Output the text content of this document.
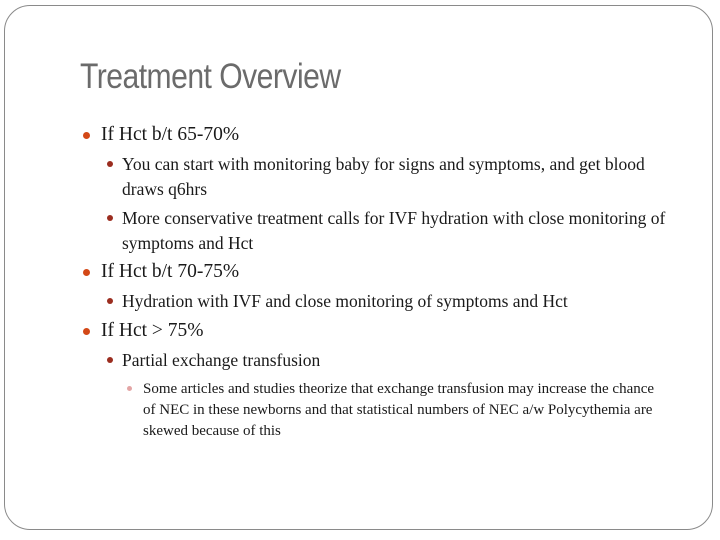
Treatment Overview
If Hct b/t 65-70%
You can start with monitoring baby for signs and symptoms, and get blood draws q6hrs
More conservative treatment calls for IVF hydration with close monitoring of symptoms and Hct
If Hct b/t 70-75%
Hydration with IVF and close monitoring of symptoms and Hct
If Hct > 75%
Partial exchange transfusion
Some articles and studies theorize that exchange transfusion may increase the chance of NEC in these newborns and that statistical numbers of NEC a/w Polycythemia are skewed because of this
